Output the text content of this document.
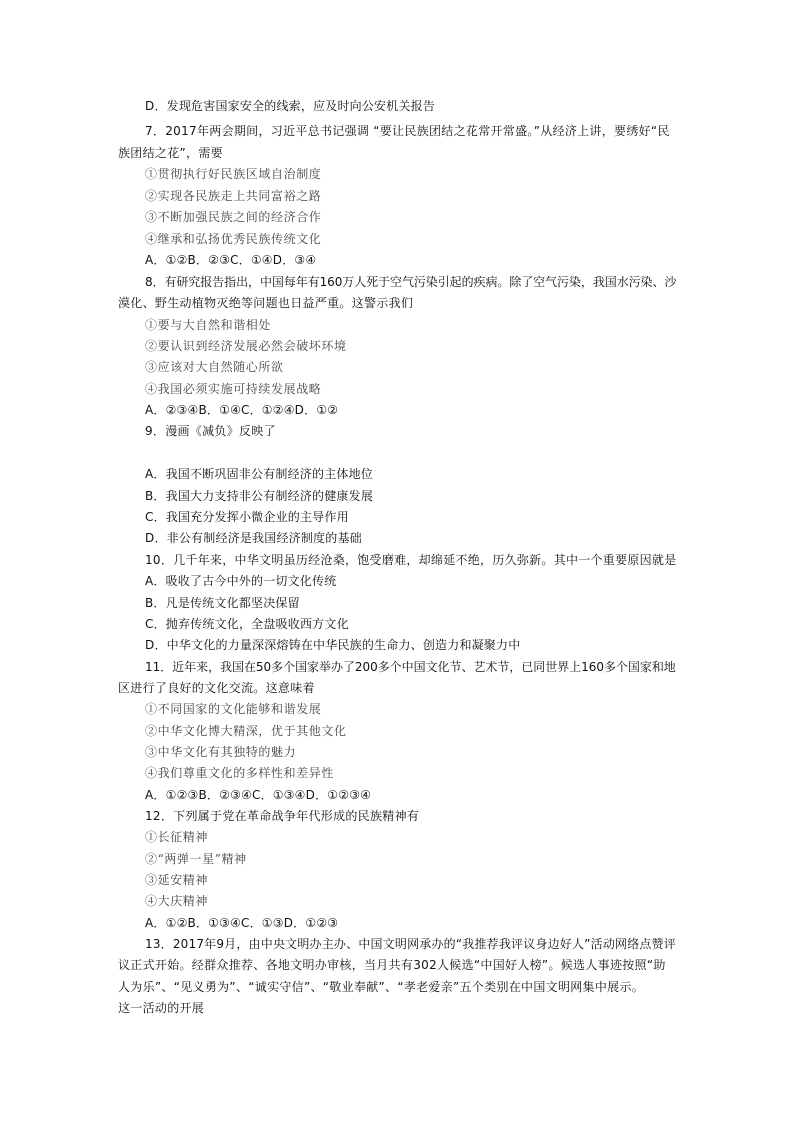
D．发现危害国家安全的线索，应及时向公安机关报告
7．2017年两会期间，习近平总书记强调 “要让民族团结之花常开常盛。”从经济上讲，要绣好“民
族团结之花”，需要
①贯彻执行好民族区域自治制度
②实现各民族走上共同富裕之路
③不断加强民族之间的经济合作
④继承和弘扬优秀民族传统文化
A．①②B．②③C．①④D．③④
8．有研究报告指出，中国每年有160万人死于空气污染引起的疾病。除了空气污染，我国水污染、沙
漠化、野生动植物灭绝等问题也日益严重。这警示我们
①要与大自然和谐相处
②要认识到经济发展必然会破坏环境
③应该对大自然随心所欲
④我国必须实施可持续发展战略
A．②③④B．①④C．①②④D．①②
9．漫画《减负》反映了
A．我国不断巩固非公有制经济的主体地位
B．我国大力支持非公有制经济的健康发展
C．我国充分发挥小微企业的主导作用
D．非公有制经济是我国经济制度的基础
10．几千年来，中华文明虽历经沧桑，饱受磨难，却绵延不绝，历久弥新。其中一个重要原因就是
A．吸收了古今中外的一切文化传统
B．凡是传统文化都坚决保留
C．抛弃传统文化，全盘吸收西方文化
D．中华文化的力量深深熔铸在中华民族的生命力、创造力和凝聚力中
11．近年来，我国在50多个国家举办了200多个中国文化节、艺术节，已同世界上160多个国家和地
区进行了良好的文化交流。这意味着
①不同国家的文化能够和谐发展
②中华文化博大精深，优于其他文化
③中华文化有其独特的魅力
④我们尊重文化的多样性和差异性
A．①②③B．②③④C．①③④D．①②③④
12．下列属于党在革命战争年代形成的民族精神有
①长征精神
②“两弹一星”精神
③延安精神
④大庆精神
A．①②B．①③④C．①③D．①②③
13．2017年9月，由中央文明办主办、中国文明网承办的“我推荐我评议身边好人”活动网络点赞评
议正式开始。经群众推荐、各地文明办审核，当月共有302人候选“中国好人榜”。候选人事迹按照“助
人为乐”、“见义勇为”、“诚实守信”、“敬业奉献”、“孝老爱亲”五个类别在中国文明网集中展示。
这一活动的开展
